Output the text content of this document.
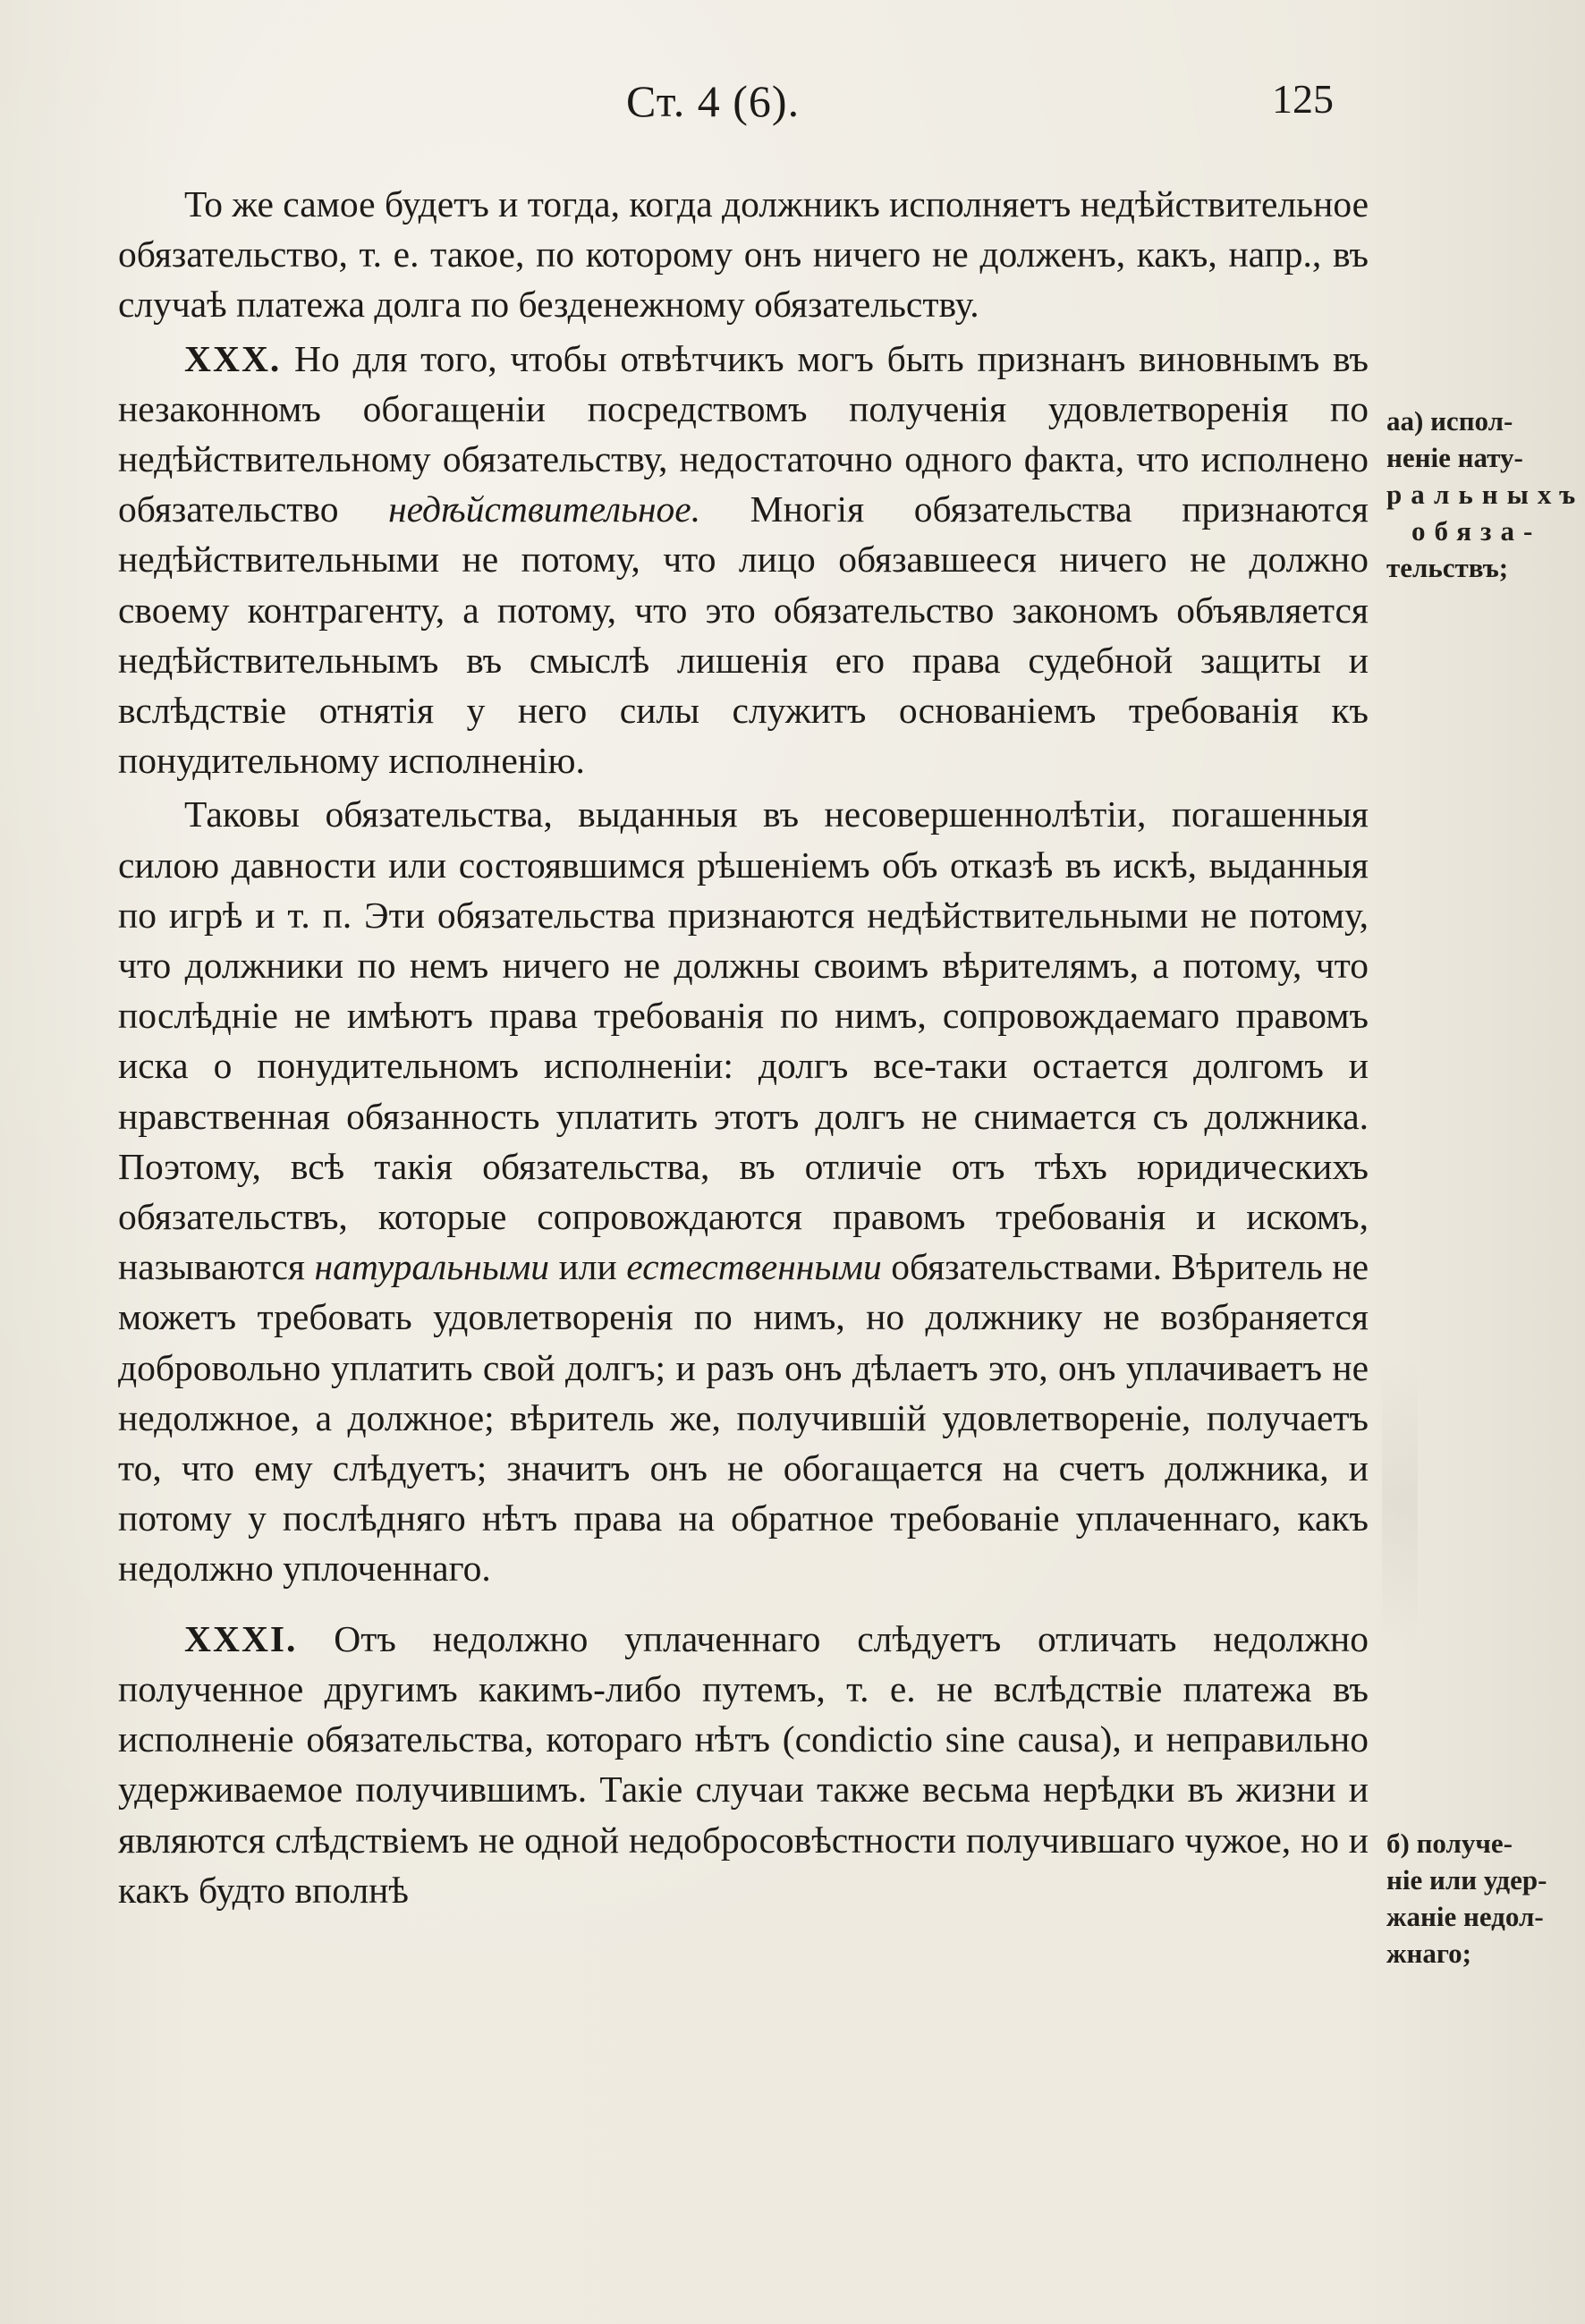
Ст. 4 (6).	125

То же самое будетъ и тогда, когда должникъ исполняетъ недѣйствительное обязательство, т. е. такое, по которому онъ ничего не долженъ, какъ, напр., въ случаѣ платежа долга по безденежному обязательству.

XXX. Но для того, чтобы отвѣтчикъ могъ быть признанъ виновнымъ въ незаконномъ обогащеніи посредствомъ полученія удовлетворенія по недѣйствительному обязательству, недостаточно одного факта, что исполнено обязательство недѣйствительное. Многія обязательства признаются недѣйствительными не потому, что лицо обязавшееся ничего не должно своему контрагенту, а потому, что это обязательство закономъ объявляется недѣйствительнымъ въ смыслѣ лишенія его права судебной защиты и вслѣдствіе отнятія у него силы служитъ основаніемъ требованія къ понудительному исполненію.

Таковы обязательства, выданныя въ несовершеннолѣтіи, погашенныя силою давности или состоявшимся рѣшеніемъ объ отказѣ въ искѣ, выданныя по игрѣ и т. п. Эти обязательства признаются недѣйствительными не потому, что должники по немъ ничего не должны своимъ вѣрителямъ, а потому, что послѣдніе не имѣютъ права требованія по нимъ, сопровождаемаго правомъ иска о понудительномъ исполненіи: долгъ все-таки остается долгомъ и нравственная обязанность уплатить этотъ долгъ не снимается съ должника. Поэтому, всѣ такія обязательства, въ отличіе отъ тѣхъ юридическихъ обязательствъ, которые сопровождаются правомъ требованія и искомъ, называются натуральными или естественными обязательствами. Вѣритель не можетъ требовать удовлетворенія по нимъ, но должнику не возбраняется добровольно уплатить свой долгъ; и разъ онъ дѣлаетъ это, онъ уплачиваетъ не недолжное, а должное; вѣритель же, получившій удовлетвореніе, получаетъ то, что ему слѣдуетъ; значитъ онъ не обогащается на счетъ должника, и потому у послѣдняго нѣтъ права на обратное требованіе уплаченнаго, какъ недолжно уплоченнаго.

XXXI. Отъ недолжно уплаченнаго слѣдуетъ отличать недолжно полученное другимъ какимъ-либо путемъ, т. е. не вслѣдствіе платежа въ исполненіе обязательства, котораго нѣтъ (condictio sine causa), и неправильно удерживаемое получившимъ. Такіе случаи также весьма нерѣдки въ жизни и являются слѣдствіемъ не одной недобросовѣстности получившаго чужое, но и какъ будто вполнѣ

аа) испол-
неніе нату-
ральныхъ
обяза-
тельствъ;
б) получе-
ніе или удер-
жаніе недол-
жнаго;
